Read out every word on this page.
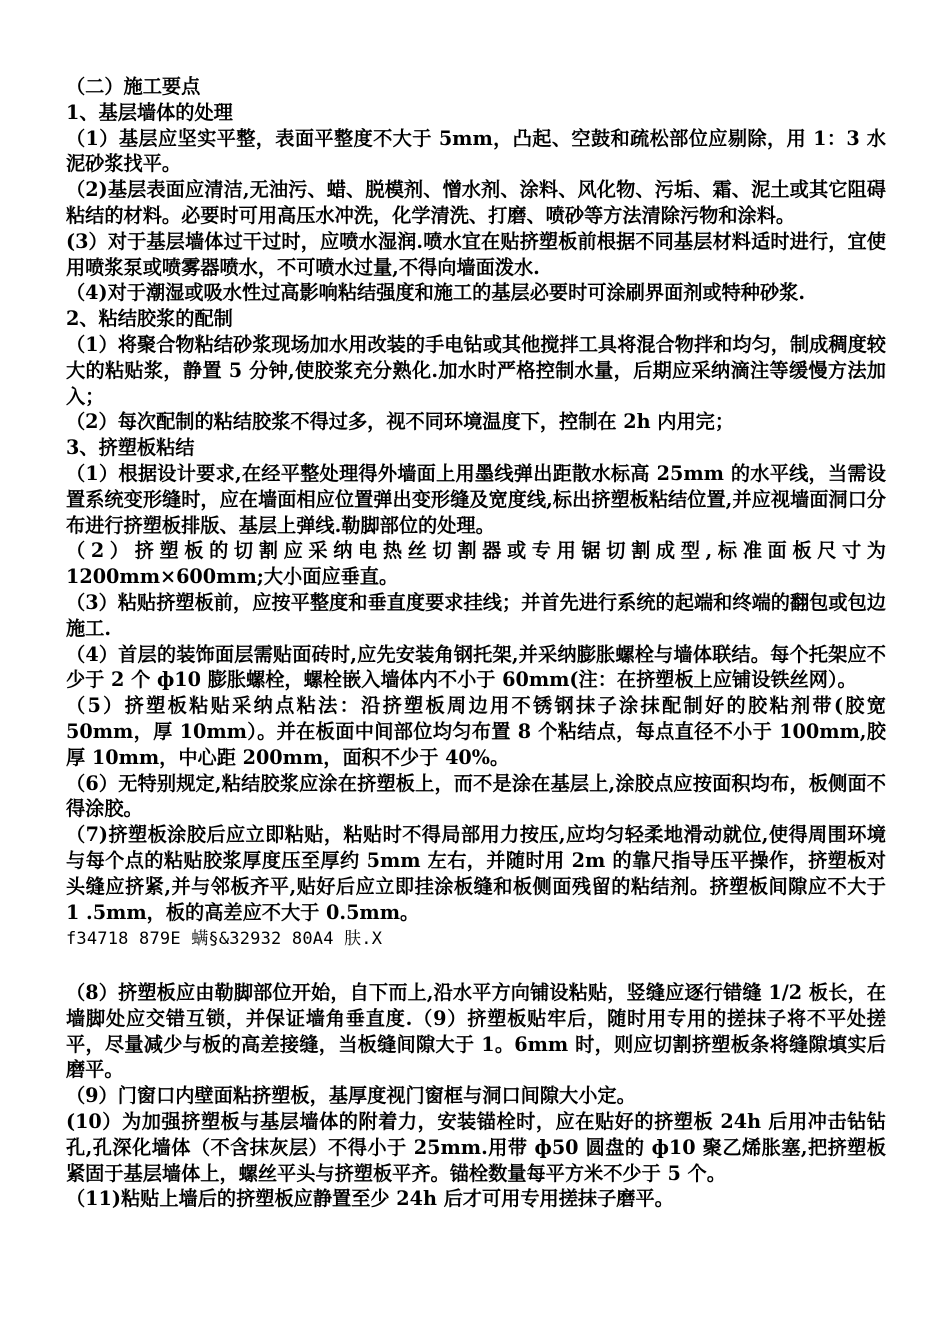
（二）施工要点

1、基层墙体的处理

（1）基层应坚实平整，表面平整度不大于 5mm，凸起、空鼓和疏松部位应剔除，用 1：3 水泥砂浆找平。

（2)基层表面应清洁,无油污、蜡、脱模剂、憎水剂、涂料、风化物、污垢、霜、泥土或其它阻碍粘结的材料。必要时可用高压水冲洗，化学清洗、打磨、喷砂等方法清除污物和涂料。

(3）对于基层墙体过干过时，应喷水湿润.喷水宜在贴挤塑板前根据不同基层材料适时进行，宜使用喷浆泵或喷雾器喷水，不可喷水过量,不得向墙面泼水.

（4)对于潮湿或吸水性过高影响粘结强度和施工的基层必要时可涂刷界面剂或特种砂浆.

2、粘结胶浆的配制

（1）将聚合物粘结砂浆现场加水用改装的手电钻或其他搅拌工具将混合物拌和均匀，制成稠度较大的粘贴浆，静置 5 分钟,使胶浆充分熟化.加水时严格控制水量，后期应采纳滴注等缓慢方法加入；

（2）每次配制的粘结胶浆不得过多，视不同环境温度下，控制在 2h 内用完；

3、挤塑板粘结

（1）根据设计要求,在经平整处理得外墙面上用墨线弹出距散水标高 25mm 的水平线，当需设置系统变形缝时，应在墙面相应位置弹出变形缝及宽度线,标出挤塑板粘结位置,并应视墙面洞口分布进行挤塑板排版、基层上弹线.勒脚部位的处理。

（2）挤塑板的切割应采纳电热丝切割器或专用锯切割成型,标准面板尺寸为 1200mm×600mm;大小面应垂直。

（3）粘贴挤塑板前，应按平整度和垂直度要求挂线；并首先进行系统的起端和终端的翻包或包边施工.

（4）首层的装饰面层需贴面砖时,应先安装角钢托架,并采纳膨胀螺栓与墙体联结。每个托架应不少于 2 个 ф10 膨胀螺栓，螺栓嵌入墙体内不小于 60mm(注：在挤塑板上应铺设铁丝网）。

（5）挤塑板粘贴采纳点粘法：沿挤塑板周边用不锈钢抹子涂抹配制好的胶粘剂带(胶宽 50mm，厚 10mm）。并在板面中间部位均匀布置 8 个粘结点，每点直径不小于 100mm,胶厚 10mm，中心距 200mm，面积不少于 40%。

（6）无特别规定,粘结胶浆应涂在挤塑板上，而不是涂在基层上,涂胶点应按面积均布，板侧面不得涂胶。

（7)挤塑板涂胶后应立即粘贴，粘贴时不得局部用力按压,应均匀轻柔地滑动就位,使得周围环境与每个点的粘贴胶浆厚度压至厚约 5mm 左右，并随时用 2m 的靠尺指导压平操作，挤塑板对头缝应挤紧,并与邻板齐平,贴好后应立即挂涂板缝和板侧面残留的粘结剂。挤塑板间隙应不大于 1 .5mm，板的高差应不大于 0.5mm。

f34718 879E 螨§&32932 80A4 肤.X

（8）挤塑板应由勒脚部位开始，自下而上,沿水平方向铺设粘贴，竖缝应逐行错缝 1/2 板长，在墙脚处应交错互锁，并保证墙角垂直度.（9）挤塑板贴牢后，随时用专用的搓抹子将不平处搓平，尽量减少与板的高差接缝，当板缝间隙大于 1。6mm 时，则应切割挤塑板条将缝隙填实后磨平。

（9）门窗口内壁面粘挤塑板，基厚度视门窗框与洞口间隙大小定。

(10）为加强挤塑板与基层墙体的附着力，安装锚栓时，应在贴好的挤塑板 24h 后用冲击钻钻孔,孔深化墙体（不含抹灰层）不得小于 25mm.用带 ф50 圆盘的 ф10 聚乙烯胀塞,把挤塑板紧固于基层墙体上，螺丝平头与挤塑板平齐。锚栓数量每平方米不少于 5 个。

（11)粘贴上墙后的挤塑板应静置至少 24h 后才可用专用搓抹子磨平。
